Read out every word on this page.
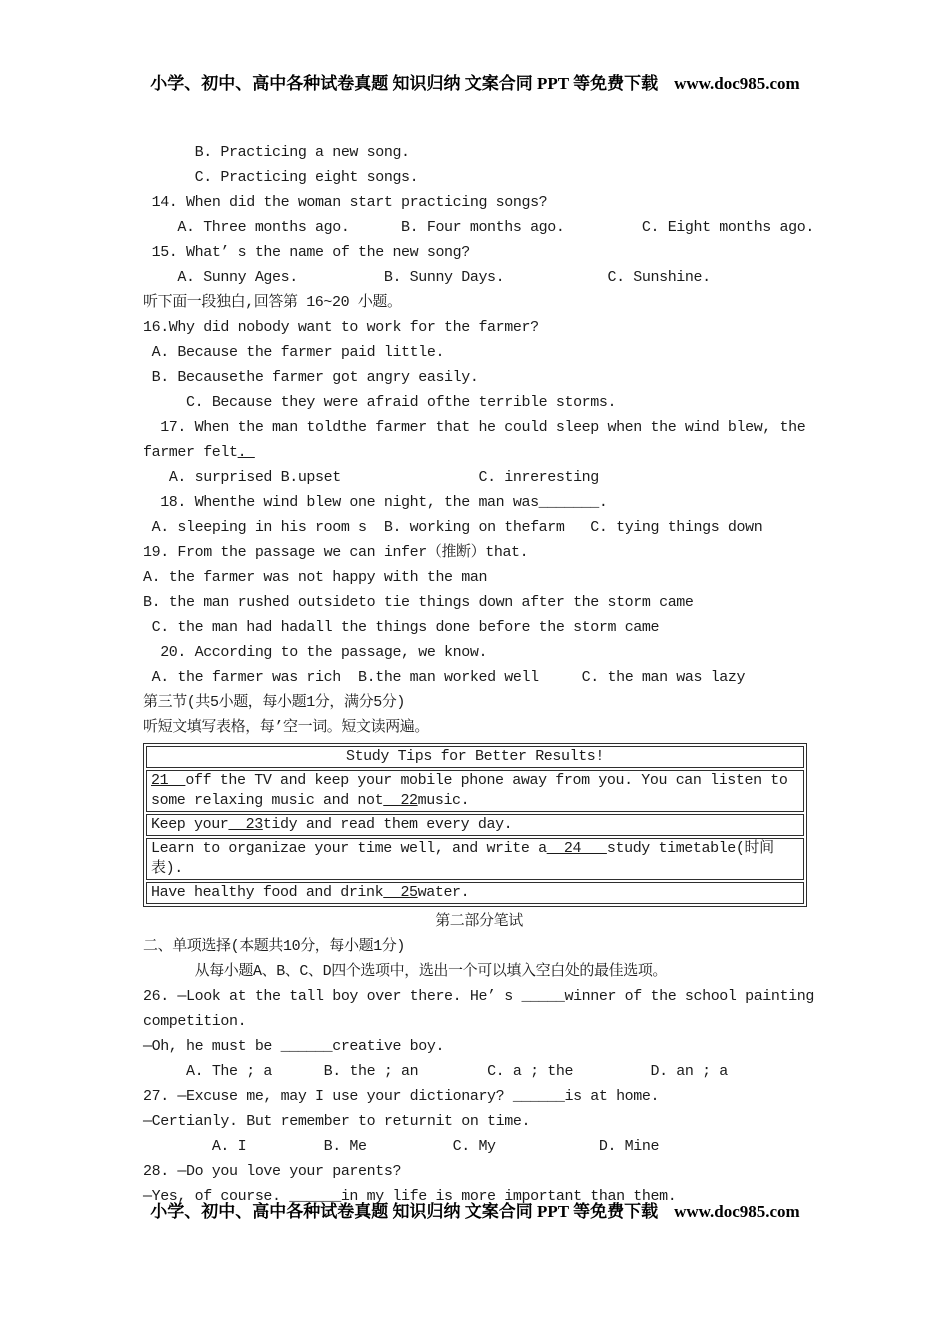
小学、初中、高中各种试卷真题 知识归纳 文案合同 PPT 等免费下载 www.doc985.com
B. Practicing a new song.
C. Practicing eight songs.
14. When did the woman start practicing songs?
A. Three months ago.      B. Four months ago.         C. Eight months ago.
15. What’ s the name of the new song?
A. Sunny Ages.          B. Sunny Days.            C. Sunshine.
听下面一段独白,回答第 16~20 小题。
16.Why did nobody want to work for the farmer?
A. Because the farmer paid little.
B. Becausethe farmer got angry easily.
C. Because they were afraid ofthe terrible storms.
17. When the man toldthe farmer that he could sleep when the wind blew, the
farmer felt.
A. surprised B.upset                C. inreresting
18. Whenthe wind blew one night, the man was_______.
A. sleeping in his room s  B. working on thefarm   C. tying things down
19. From the passage we can infer（推断）that.
A. the farmer was not happy with the man
B. the man rushed outsideto tie things down after the storm came
C. the man had hadall the things done before the storm came
20. According to the passage, we know.
A. the farmer was rich  B.the man worked well     C. the man was lazy
第三节(共5小题，每小题1分，满分5分)
听短文填写表格，每’空一词。短文读两遍。
Study Tips for Better Results!
21  off the TV and keep your mobile phone away from you. You can listen to some relaxing music and not  22music.
Keep your  23tidy and read them every day.
Learn to organizae your time well, and write a  24   study timetable(时间表).
Have healthy food and drink  25water.
第二部分笔试
二、单项选择(本题共10分，每小题1分)
从每小题A、B、C、D四个选项中，选出一个可以填入空白处的最佳选项。
26. —Look at the tall boy over there. He’ s _____winner of the school painting
competition.
—Oh, he must be ______creative boy.
A. The ; a      B. the ; an        C. a ; the         D. an ; a
27. —Excuse me, may I use your dictionary? ______is at home.
—Certianly. But remember to returnit on time.
A. I         B. Me          C. My            D. Mine
28. —Do you love your parents?
—Yes, of course. ______in my life is more important than them.
小学、初中、高中各种试卷真题 知识归纳 文案合同 PPT 等免费下载 www.doc985.com
